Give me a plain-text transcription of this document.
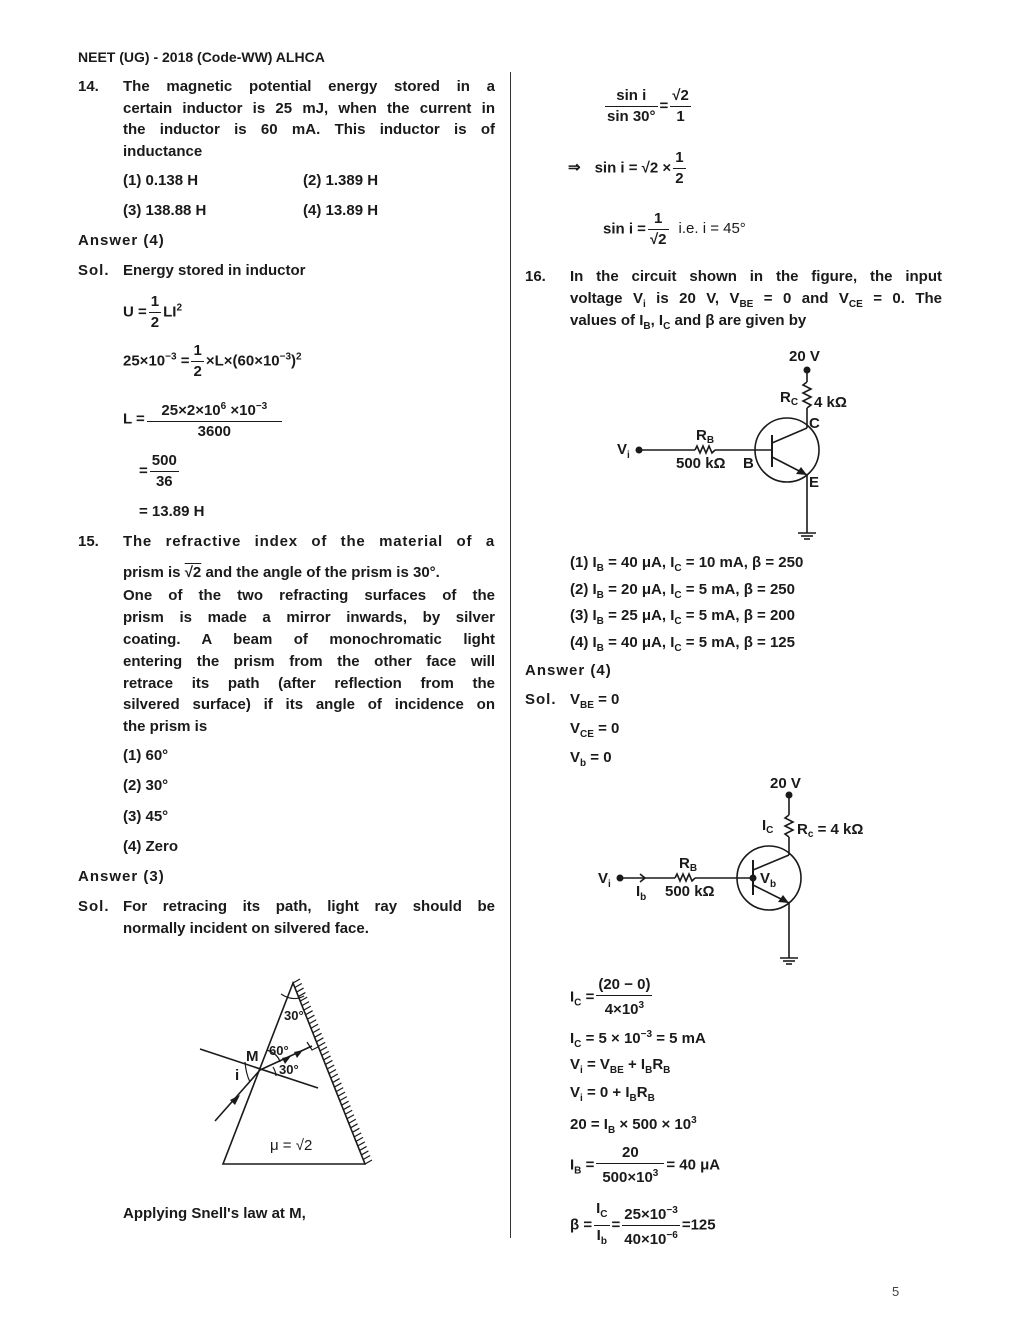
NEET (UG) - 2018 (Code-WW) ALHCA
14. The magnetic potential energy stored in a
certain inductor is 25 mJ, when the current in
the inductor is 60 mA. This inductor is of
inductance
(1) 0.138 H	(2) 1.389 H
(3) 138.88 H	(4) 13.89 H
Answer (4)
Sol. Energy stored in inductor
$U = \frac{1}{2} LI^2$
$25\times 10^{-3} = \frac{1}{2} \times L\times(60\times 10^{-3})^2$
$L = \frac{25\times 2\times 10^6 \times 10^{-3}}{3600}$
= $\frac{500}{36}$
= 13.89 H
15. The refractive index of the material of a
prism is √2 and the angle of the prism is 30°.
One of the two refracting surfaces of the
prism is made a mirror inwards, by silver
coating. A beam of monochromatic light
entering the prism from the other face will
retrace its path (after reflection from the
silvered surface) if its angle of incidence on
the prism is
(1) 60°
(2) 30°
(3) 45°
(4) Zero
Answer (3)
Sol. For retracing its path, light ray should be
normally incident on silvered face.
30°
M 60°
30°
i
μ = √2
Applying Snell's law at M,
$\frac{\text{sin i}}{\sin 30^\circ} = \frac{√2}{1}$
⇒ $\sin i = √2 \times \frac{1}{2}$
$\sin i = \frac{1}{√2} i.e$. i = 45°
16. In the circuit shown in the figure, the input
voltage $V_i$ is 20 V, $V_{BE} = 0$ and $V_{CE} = 0$. The
values of $I_B$, $I_C$ and β are given by
20 V
$R_C$ 4 kΩ
C
E
B
$V_i$
$R_B$
500 kΩ
(1) $I_B = 40$ μA, $I_C = 10$ mA, β = 250
(2) $I_B = 20$ μA, $I_C = 5$ mA, β = 250
(3) $I_B = 25$ μA, $I_C = 5$ mA, β = 200
(4) $I_B = 40$ μA, $I_C = 5$ mA, β = 125
Answer (4)
Sol. $V_{BE} = 0$
$V_{CE} = 0$
$V_b = 0$
20 V
$I_C$ $R_c = 4$ kΩ
$V_i$ $I_b$
$R_B$
500 kΩ
$V_b$
$I_C = \frac{(20 - 0)}{4\times 10^3}$
$I_C = 5 \times 10^{-3} = 5$ mA
$V_i = V_{BE} + I_BR_B$
$V_i = 0 + I_BR_B$
$20 = I_B \times 500 \times 10^3$
$I_B = \frac{20}{500\times 10^3} = 40$ μA
$\beta = \frac{I_C}{I_b} = \frac{25\times 10^{-3}}{40\times 10^{-6}} =125$
5
